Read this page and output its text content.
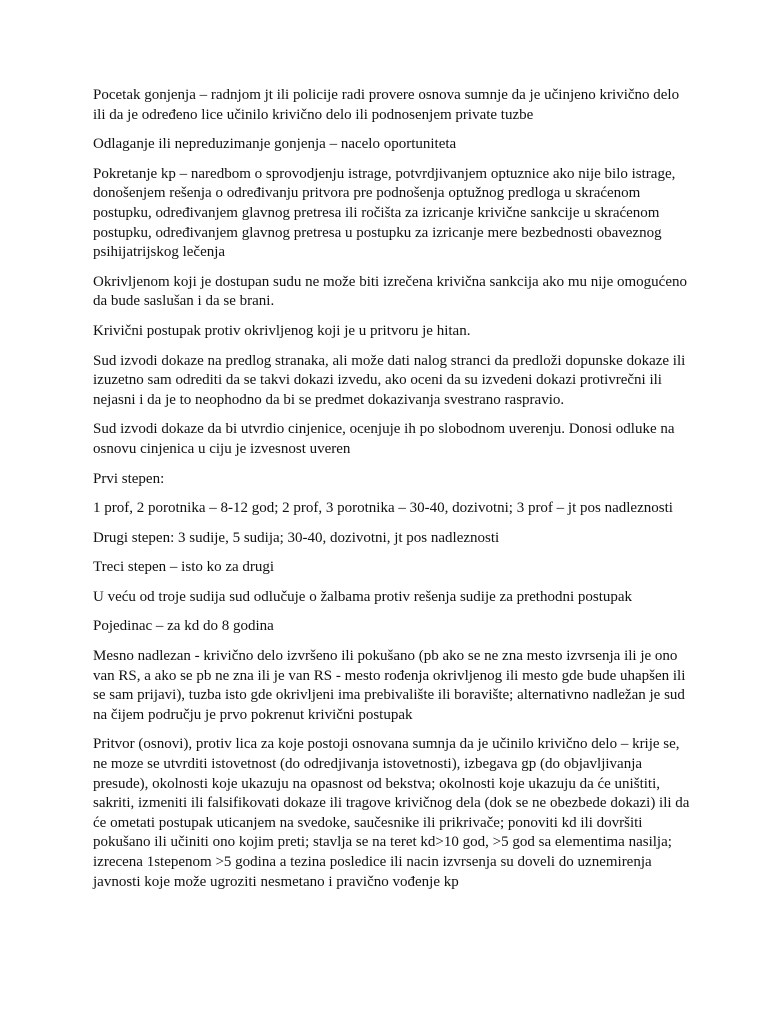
Pocetak gonjenja – radnjom jt ili policije radi provere osnova sumnje da je učinjeno krivično delo ili da je određeno lice učinilo krivično delo ili podnosenjem private tuzbe

Odlaganje ili nepreduzimanje gonjenja – nacelo oportuniteta

Pokretanje kp – naredbom o sprovodjenju istrage, potvrdjivanjem optuznice ako nije bilo istrage, donošenjem rešenja o određivanju pritvora pre podnošenja optužnog predloga u skraćenom postupku, određivanjem glavnog pretresa ili ročišta za izricanje krivične sankcije u skraćenom postupku, određivanjem glavnog pretresa u postupku za izricanje mere bezbednosti obaveznog psihijatrijskog lečenja

Okrivljenom koji je dostupan sudu ne može biti izrečena krivična sankcija ako mu nije omogućeno da bude saslušan i da se brani.

Krivični postupak protiv okrivljenog koji je u pritvoru je hitan.

Sud izvodi dokaze na predlog stranaka, ali može dati nalog stranci da predloži dopunske dokaze ili izuzetno sam odrediti da se takvi dokazi izvedu, ako oceni da su izvedeni dokazi protivrečni ili nejasni i da je to neophodno da bi se predmet dokazivanja svestrano raspravio.

Sud izvodi dokaze da bi utvrdio cinjenice, ocenjuje ih po slobodnom uverenju. Donosi odluke na osnovu cinjenica u ciju je izvesnost uveren

Prvi stepen:

1 prof, 2 porotnika – 8-12 god; 2 prof, 3 porotnika – 30-40, dozivotni; 3 prof – jt pos nadleznosti

Drugi stepen: 3 sudije, 5 sudija; 30-40, dozivotni, jt pos nadleznosti

Treci stepen – isto ko za drugi

U veću od troje sudija sud odlučuje o žalbama protiv rešenja sudije za prethodni postupak

Pojedinac – za kd do 8 godina

Mesno nadlezan - krivično delo izvršeno ili pokušano (pb ako se ne zna mesto izvrsenja ili je ono van RS, a ako se pb ne zna ili je van RS - mesto rođenja okrivljenog ili mesto gde bude uhapšen ili se sam prijavi), tuzba isto gde okrivljeni ima prebivalište ili boravište; alternativno nadležan je sud na čijem području je prvo pokrenut krivični postupak

Pritvor (osnovi), protiv lica za koje postoji osnovana sumnja da je učinilo krivično delo – krije se, ne moze se utvrditi istovetnost (do odredjivanja istovetnosti), izbegava gp (do objavljivanja presude), okolnosti koje ukazuju na opasnost od bekstva; okolnosti koje ukazuju da će uništiti, sakriti, izmeniti ili falsifikovati dokaze ili tragove krivičnog dela (dok se ne obezbede dokazi) ili da će ometati postupak uticanjem na svedoke, saučesnike ili prikrivače; ponoviti kd ili dovršiti pokušano ili učiniti ono kojim preti; stavlja se na teret kd>10 god, >5 god sa elementima nasilja; izrecena 1stepenom >5 godina a tezina posledice ili nacin izvrsenja su doveli do uznemirenja javnosti koje može ugroziti nesmetano i pravično vođenje kp
